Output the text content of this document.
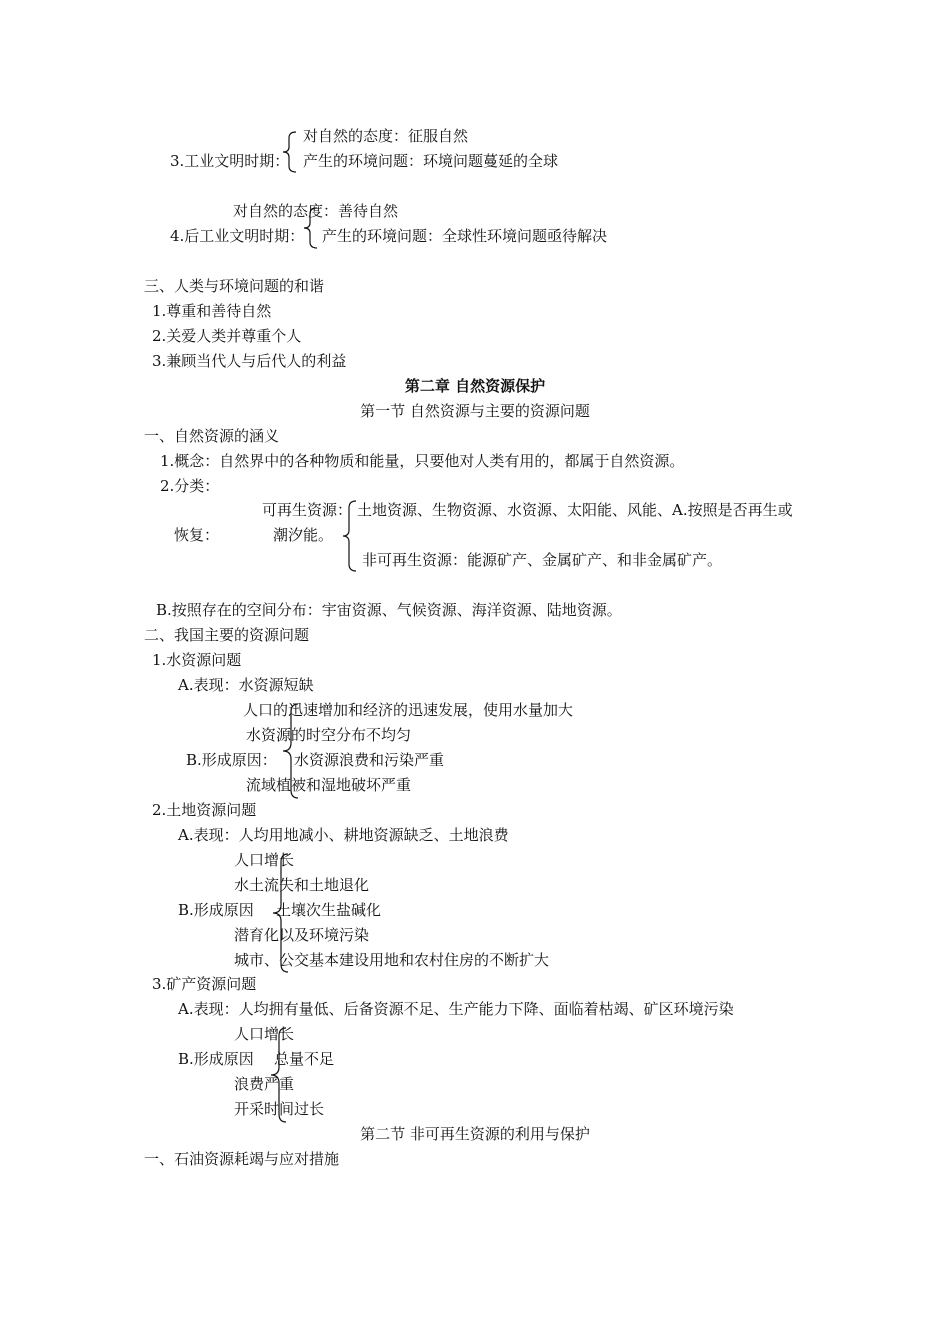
对自然的态度：征服自然
3.工业文明时期： 产生的环境问题：环境问题蔓延的全球
对自然的态度：善待自然
4.后工业文明时期： 产生的环境问题：全球性环境问题亟待解决
三、人类与环境问题的和谐
1.尊重和善待自然
2.关爱人类并尊重个人
3.兼顾当代人与后代人的利益
第二章 自然资源保护
第一节 自然资源与主要的资源问题
一、自然资源的涵义
1.概念：自然界中的各种物质和能量，只要他对人类有用的，都属于自然资源。
2.分类：
可再生资源： 土地资源、生物资源、水资源、太阳能、风能、A.按照是否再生或
恢复：	潮汐能。
非可再生资源：能源矿产、金属矿产、和非金属矿产。
B.按照存在的空间分布：宇宙资源、气候资源、海洋资源、陆地资源。
二、我国主要的资源问题
1.水资源问题
A.表现：水资源短缺
人口的迅速增加和经济的迅速发展，使用水量加大
水资源的时空分布不均匀
B.形成原因： 水资源浪费和污染严重
流域植被和湿地破坏严重
2.土地资源问题
A.表现：人均用地减小、耕地资源缺乏、土地浪费
人口增长
水土流失和土地退化
B.形成原因 土壤次生盐碱化
潜育化以及环境污染
城市、公交基本建设用地和农村住房的不断扩大
3.矿产资源问题
A.表现：人均拥有量低、后备资源不足、生产能力下降、面临着枯竭、矿区环境污染
人口增长
B.形成原因 总量不足
浪费严重
开采时间过长
第二节 非可再生资源的利用与保护
一、石油资源耗竭与应对措施
